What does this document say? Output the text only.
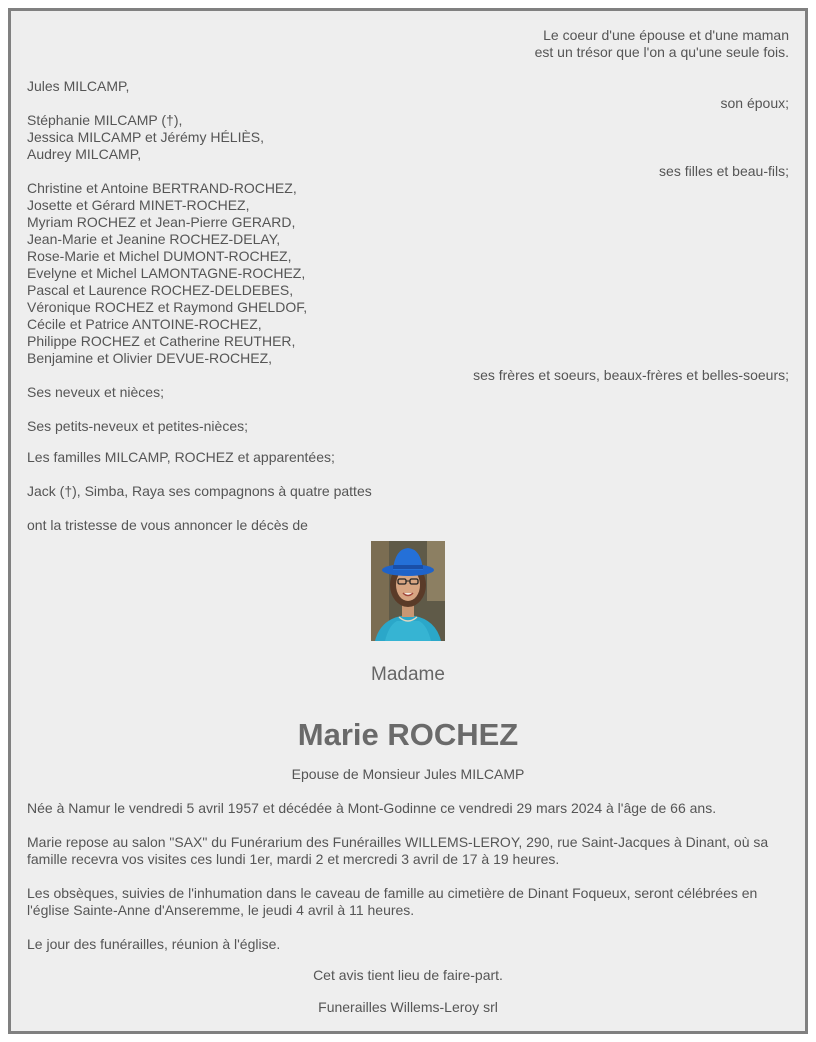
Le coeur d'une épouse et d'une maman
est un trésor que l'on a qu'une seule fois.
Jules MILCAMP,
son époux;
Stéphanie MILCAMP (†),
Jessica MILCAMP et Jérémy HÉLIÈS,
Audrey MILCAMP,
ses filles et beau-fils;
Christine et Antoine BERTRAND-ROCHEZ,
Josette et Gérard MINET-ROCHEZ,
Myriam ROCHEZ et Jean-Pierre GERARD,
Jean-Marie et Jeanine ROCHEZ-DELAY,
Rose-Marie et Michel DUMONT-ROCHEZ,
Evelyne et Michel LAMONTAGNE-ROCHEZ,
Pascal et Laurence ROCHEZ-DELDEBES,
Véronique ROCHEZ et Raymond GHELDOF,
Cécile et Patrice ANTOINE-ROCHEZ,
Philippe ROCHEZ et Catherine REUTHER,
Benjamine et Olivier DEVUE-ROCHEZ,
ses frères et soeurs, beaux-frères et belles-soeurs;
Ses neveux et nièces;
Ses petits-neveux et petites-nièces;
Les familles MILCAMP, ROCHEZ et apparentées;
Jack (†), Simba, Raya ses compagnons à quatre pattes
ont la tristesse de vous annoncer le décès de
Madame
Marie ROCHEZ
Epouse de Monsieur Jules MILCAMP
Née à Namur le vendredi 5 avril 1957 et décédée à Mont-Godinne ce vendredi 29 mars 2024 à l'âge de 66 ans.
Marie repose au salon "SAX" du Funérarium des Funérailles WILLEMS-LEROY, 290, rue Saint-Jacques à Dinant, où sa famille recevra vos visites ces lundi 1er, mardi 2 et mercredi 3 avril de 17 à 19 heures.
Les obsèques, suivies de l'inhumation dans le caveau de famille au cimetière de Dinant Foqueux, seront célébrées en l'église Sainte-Anne d'Anseremme, le jeudi 4 avril à 11 heures.
Le jour des funérailles, réunion à l'église.
Cet avis tient lieu de faire-part.
Funerailles Willems-Leroy srl
